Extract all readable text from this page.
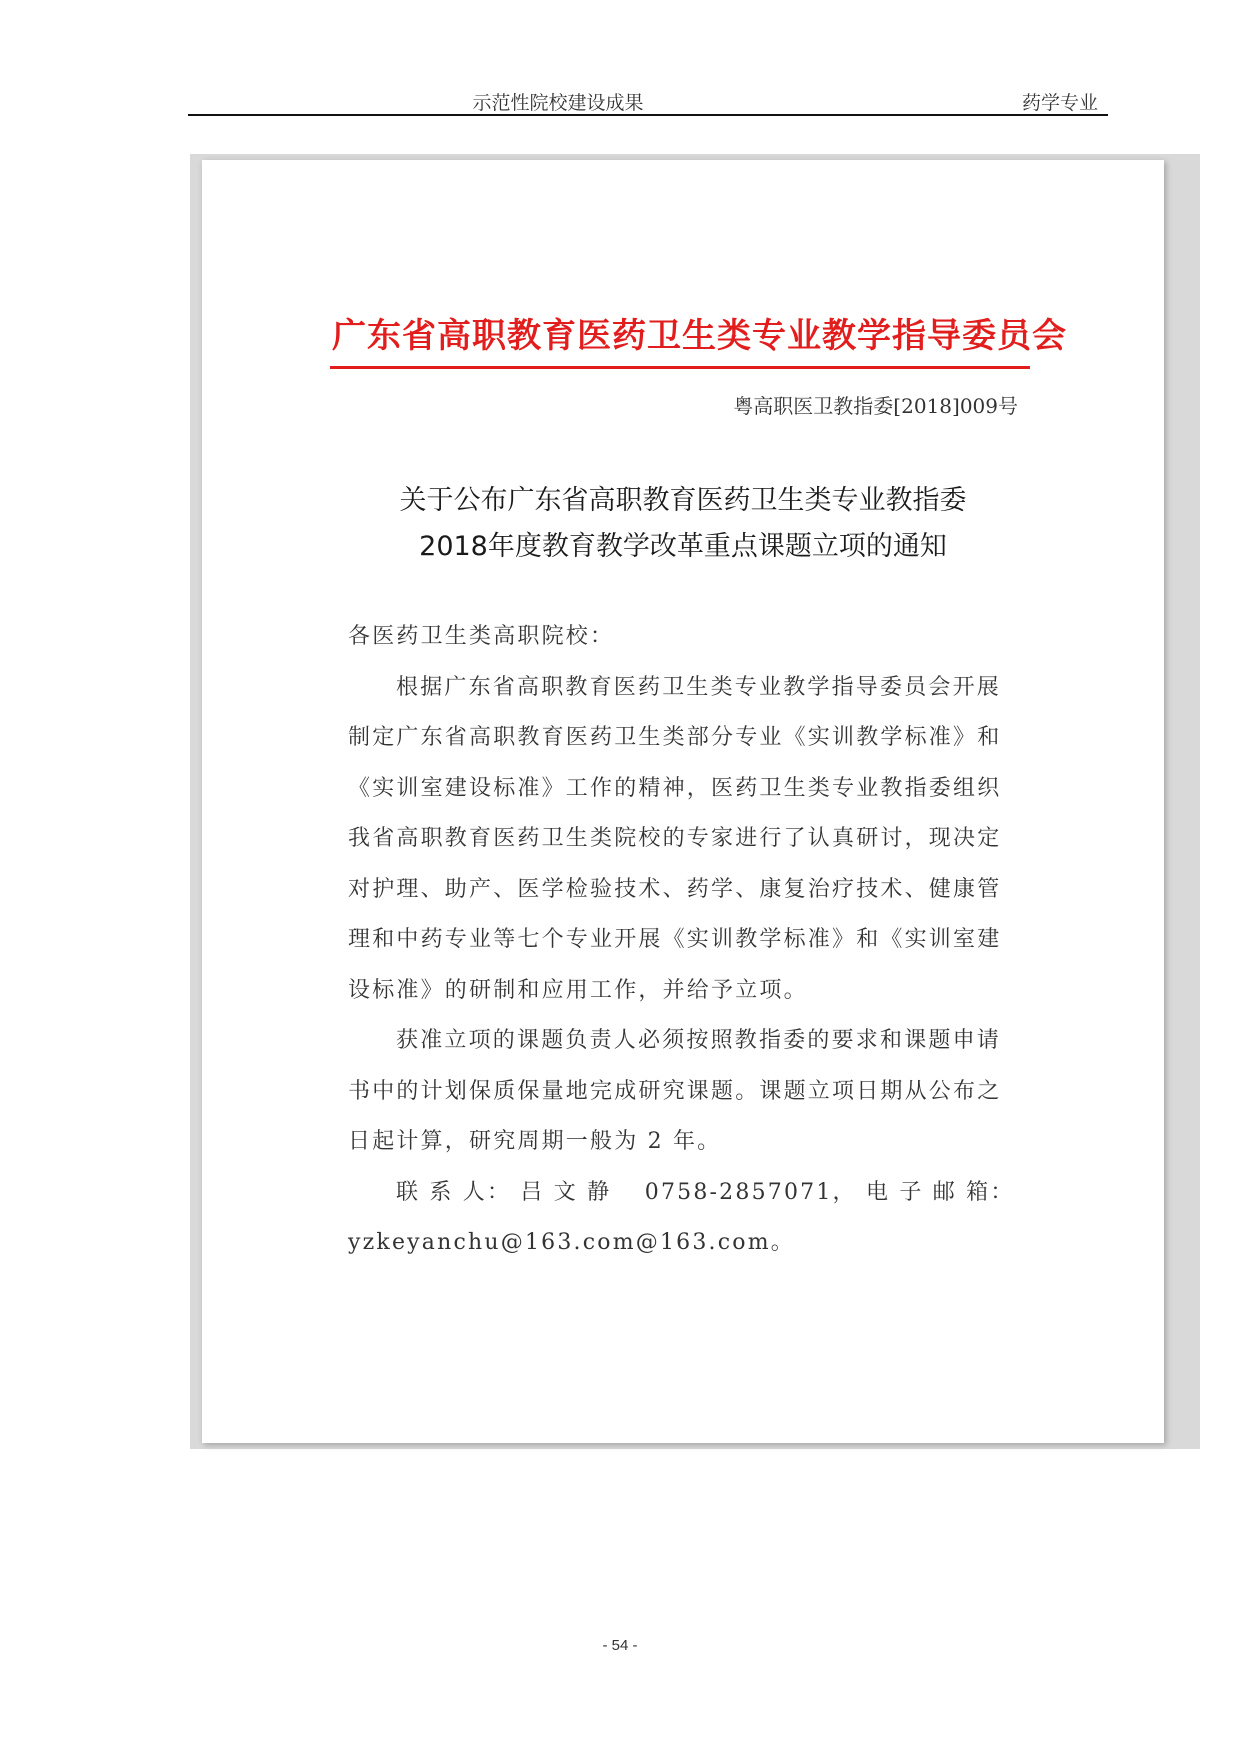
示范性院校建设成果	药学专业
广东省高职教育医药卫生类专业教学指导委员会
粤高职医卫教指委[2018]009号
关于公布广东省高职教育医药卫生类专业教指委
2018年度教育教学改革重点课题立项的通知

各医药卫生类高职院校：

根据广东省高职教育医药卫生类专业教学指导委员会开展制定广东省高职教育医药卫生类部分专业《实训教学标准》和《实训室建设标准》工作的精神，医药卫生类专业教指委组织我省高职教育医药卫生类院校的专家进行了认真研讨，现决定对护理、助产、医学检验技术、药学、康复治疗技术、健康管理和中药专业等七个专业开展《实训教学标准》和《实训室建设标准》的研制和应用工作，并给予立项。

获准立项的课题负责人必须按照教指委的要求和课题申请书中的计划保质保量地完成研究课题。课题立项日期从公布之日起计算，研究周期一般为 2 年。

联 系 人： 吕 文 静　 0758-2857071， 电 子 邮 箱：

yzkeyanchu@163.com@163.com。

- 54 -
